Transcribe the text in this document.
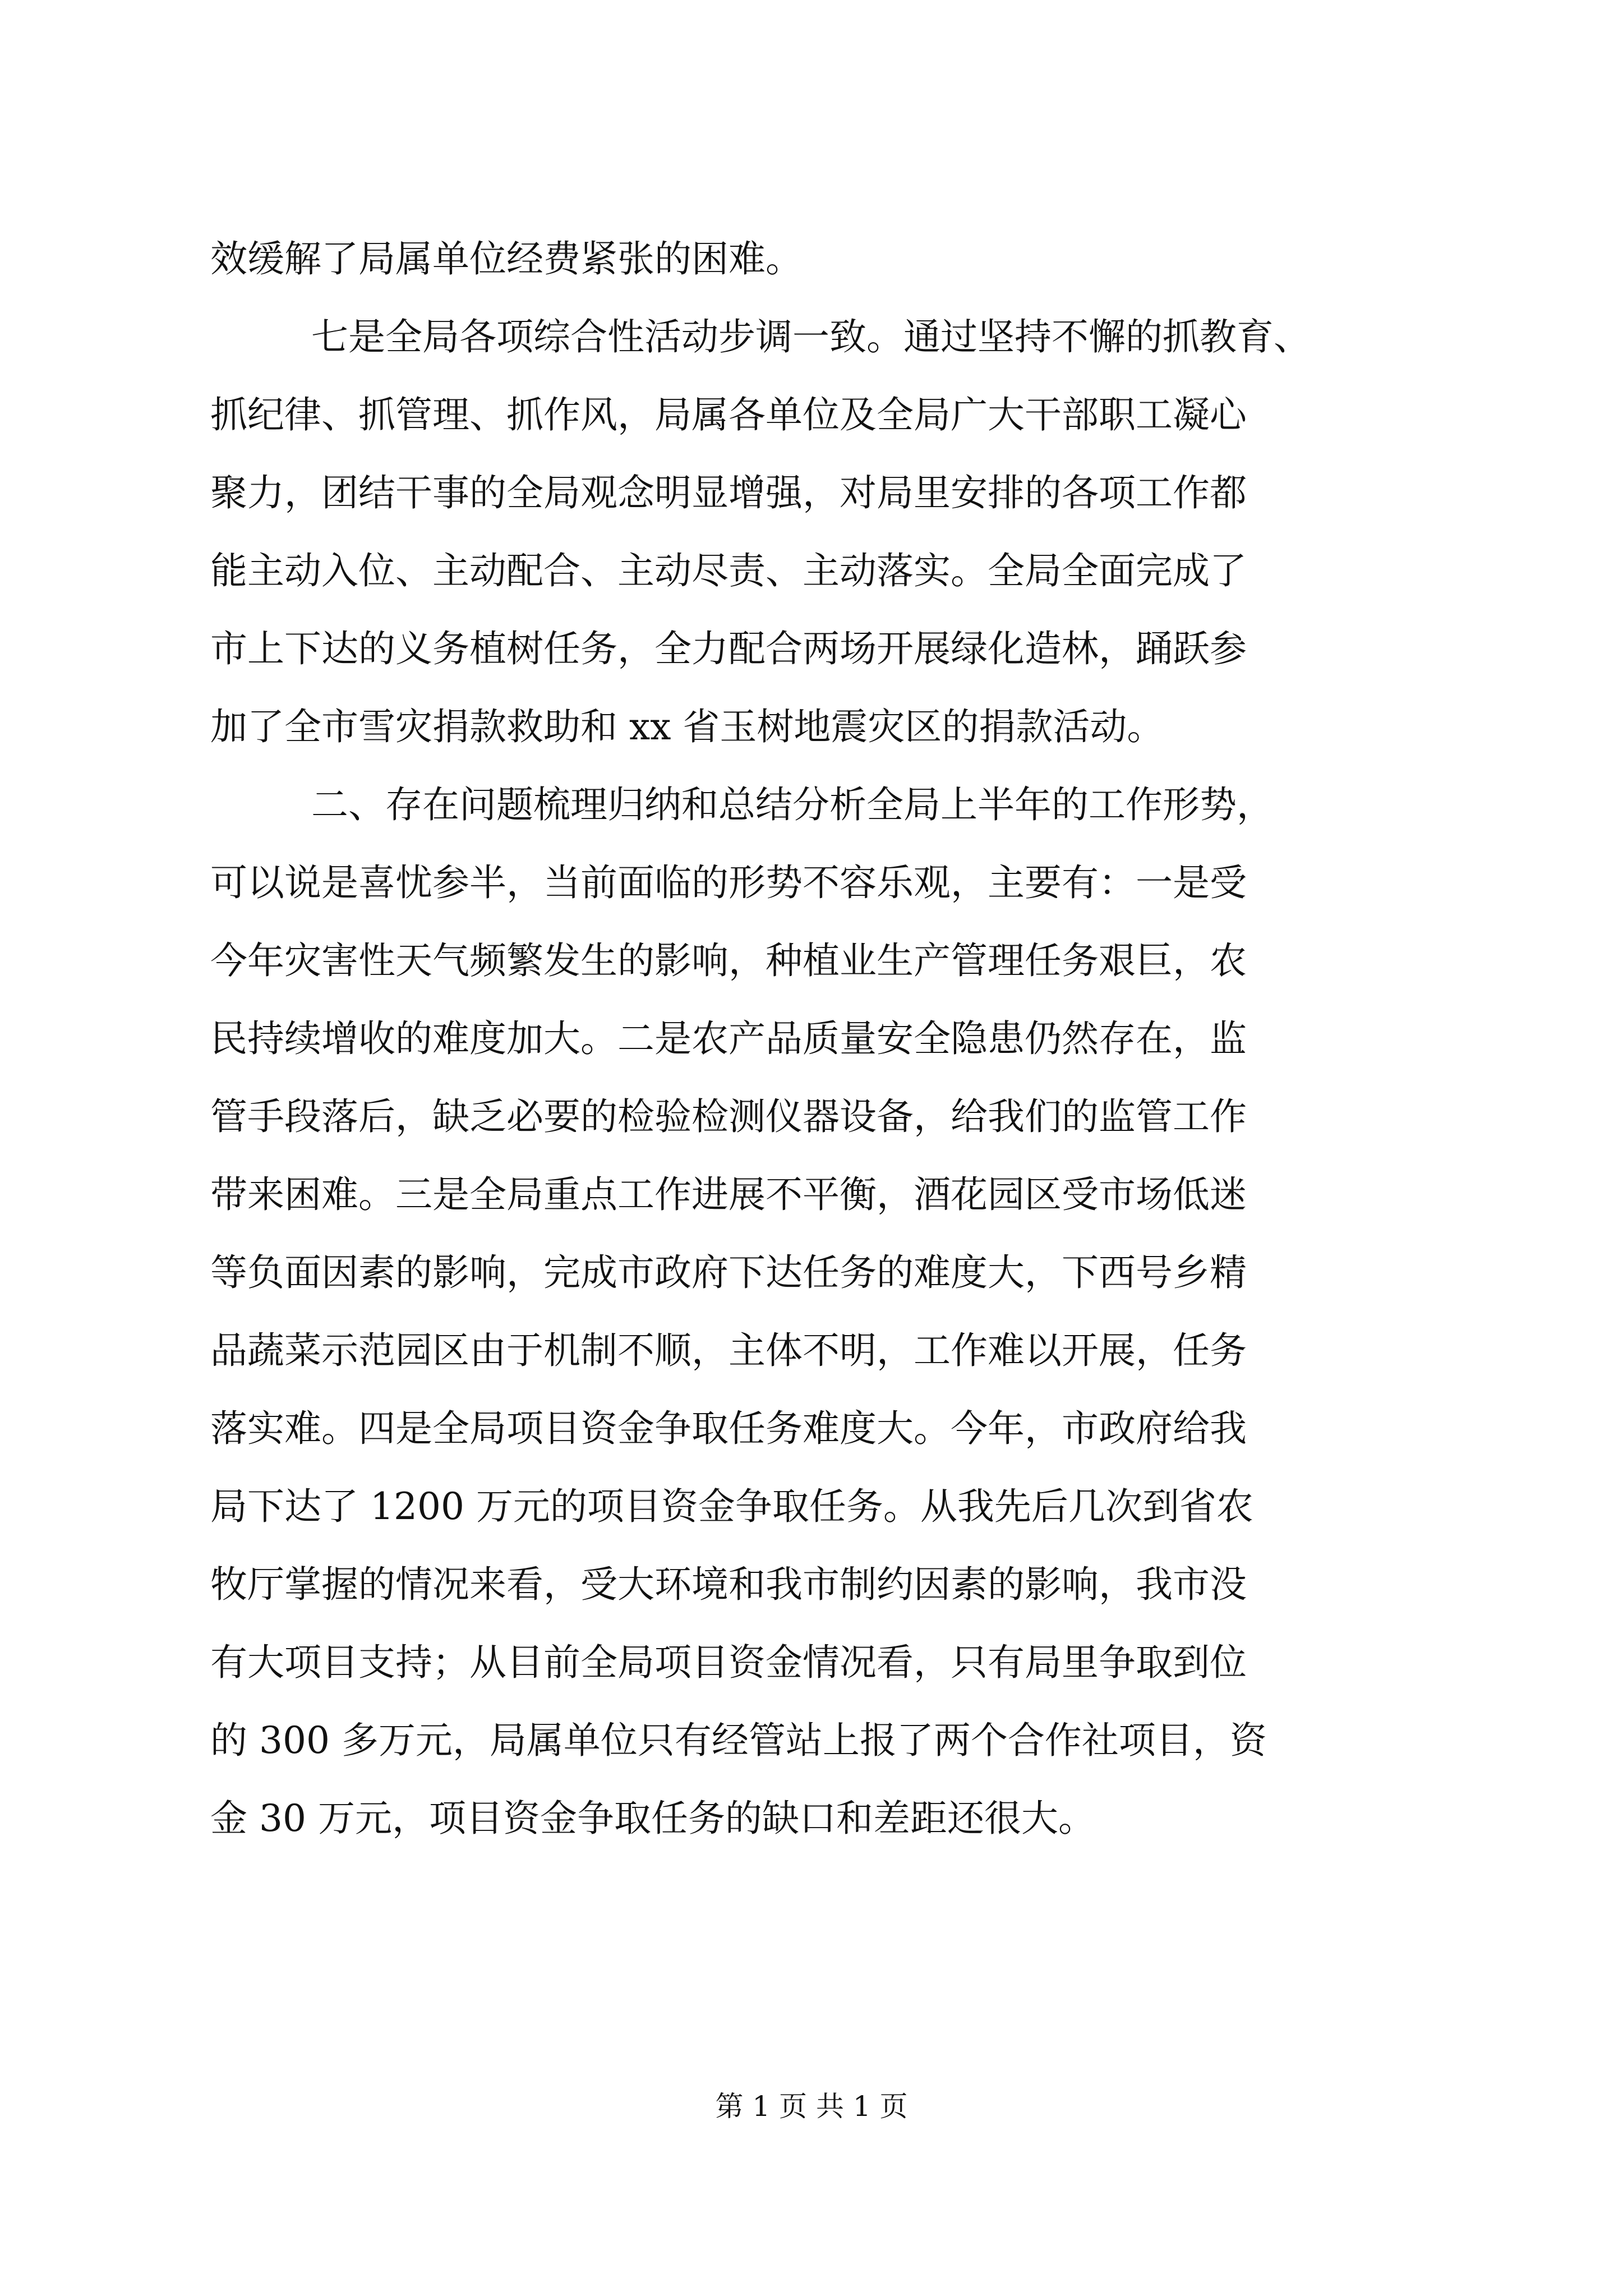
效缓解了局属单位经费紧张的困难。
七是全局各项综合性活动步调一致。通过坚持不懈的抓教育、
抓纪律、抓管理、抓作风，局属各单位及全局广大干部职工凝心
聚力，团结干事的全局观念明显增强，对局里安排的各项工作都
能主动入位、主动配合、主动尽责、主动落实。全局全面完成了
市上下达的义务植树任务，全力配合两场开展绿化造林，踊跃参
加了全市雪灾捐款救助和 xx 省玉树地震灾区的捐款活动。
二、存在问题梳理归纳和总结分析全局上半年的工作形势，
可以说是喜忧参半，当前面临的形势不容乐观，主要有：一是受
今年灾害性天气频繁发生的影响，种植业生产管理任务艰巨，农
民持续增收的难度加大。二是农产品质量安全隐患仍然存在，监
管手段落后，缺乏必要的检验检测仪器设备，给我们的监管工作
带来困难。三是全局重点工作进展不平衡，酒花园区受市场低迷
等负面因素的影响，完成市政府下达任务的难度大，下西号乡精
品蔬菜示范园区由于机制不顺，主体不明，工作难以开展，任务
落实难。四是全局项目资金争取任务难度大。今年，市政府给我
局下达了 1200 万元的项目资金争取任务。从我先后几次到省农
牧厅掌握的情况来看，受大环境和我市制约因素的影响，我市没
有大项目支持；从目前全局项目资金情况看，只有局里争取到位
的 300 多万元，局属单位只有经管站上报了两个合作社项目，资
金 30 万元，项目资金争取任务的缺口和差距还很大。
第 1 页 共 1 页
